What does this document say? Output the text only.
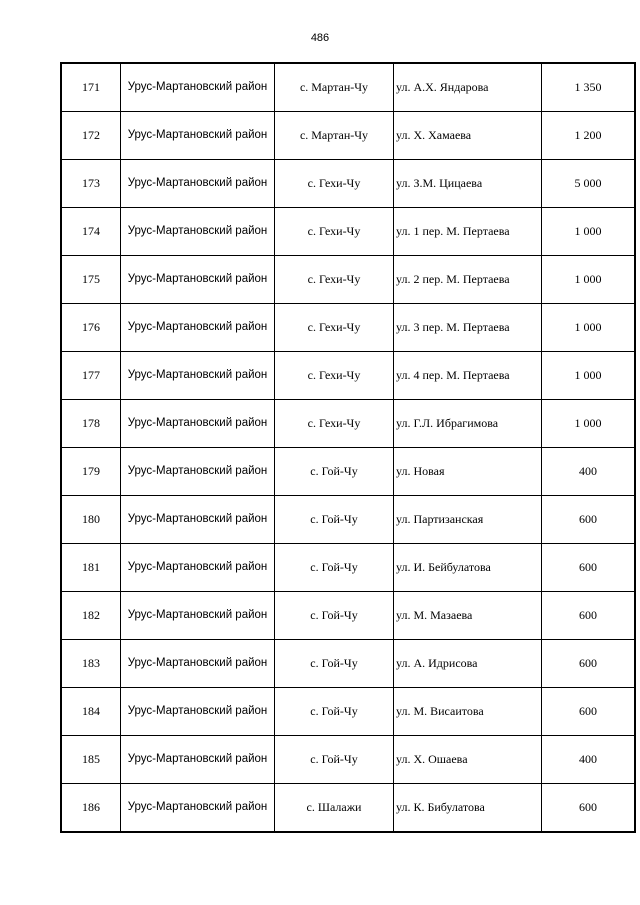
486
171	Урус-Мартановский район	с. Мартан-Чу	ул. А.Х. Яндарова	1 350
172	Урус-Мартановский район	с. Мартан-Чу	ул. Х. Хамаева	1 200
173	Урус-Мартановский район	с. Гехи-Чу	ул. З.М. Цицаева	5 000
174	Урус-Мартановский район	с. Гехи-Чу	ул. 1 пер. М. Пертаева	1 000
175	Урус-Мартановский район	с. Гехи-Чу	ул. 2 пер. М. Пертаева	1 000
176	Урус-Мартановский район	с. Гехи-Чу	ул. 3 пер. М. Пертаева	1 000
177	Урус-Мартановский район	с. Гехи-Чу	ул. 4 пер. М. Пертаева	1 000
178	Урус-Мартановский район	с. Гехи-Чу	ул. Г.Л. Ибрагимова	1 000
179	Урус-Мартановский район	с. Гой-Чу	ул. Новая	400
180	Урус-Мартановский район	с. Гой-Чу	ул. Партизанская	600
181	Урус-Мартановский район	с. Гой-Чу	ул. И. Бейбулатова	600
182	Урус-Мартановский район	с. Гой-Чу	ул. М. Мазаева	600
183	Урус-Мартановский район	с. Гой-Чу	ул. А. Идрисова	600
184	Урус-Мартановский район	с. Гой-Чу	ул. М. Висаитова	600
185	Урус-Мартановский район	с. Гой-Чу	ул. Х. Ошаева	400
186	Урус-Мартановский район	с. Шалажи	ул. К. Бибулатова	600
